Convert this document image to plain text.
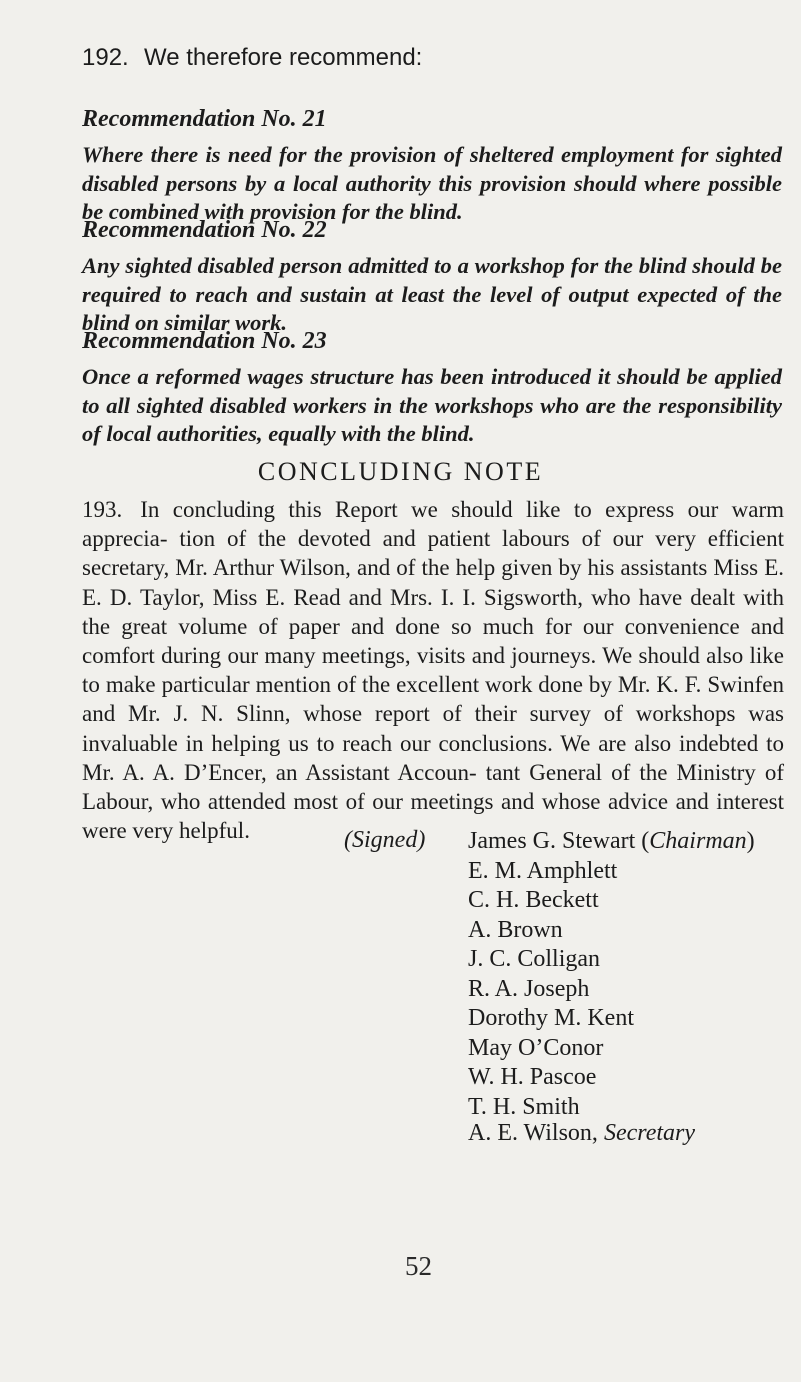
192. We therefore recommend:

Recommendation No. 21

Where there is need for the provision of sheltered employment for sighted disabled persons by a local authority this provision should where possible be combined with provision for the blind.

Recommendation No. 22

Any sighted disabled person admitted to a workshop for the blind should be required to reach and sustain at least the level of output expected of the blind on similar work.

Recommendation No. 23

Once a reformed wages structure has been introduced it should be applied to all sighted disabled workers in the workshops who are the responsibility of local authorities, equally with the blind.

CONCLUDING NOTE

193. In concluding this Report we should like to express our warm apprecia- tion of the devoted and patient labours of our very efficient secretary, Mr. Arthur Wilson, and of the help given by his assistants Miss E. E. D. Taylor, Miss E. Read and Mrs. I. I. Sigsworth, who have dealt with the great volume of paper and done so much for our convenience and comfort during our many meetings, visits and journeys. We should also like to make particular mention of the excellent work done by Mr. K. F. Swinfen and Mr. J. N. Slinn, whose report of their survey of workshops was invaluable in helping us to reach our conclusions. We are also indebted to Mr. A. A. D’Encer, an Assistant Accoun- tant General of the Ministry of Labour, who attended most of our meetings and whose advice and interest were very helpful.	(Signed) James G. Stewart (Chairman)
E. M. Amphlett
C. H. Beckett
A. Brown
J. C. Colligan
R. A. Joseph
Dorothy M. Kent
May O’Conor
W. H. Pascoe
T. H. Smith
A. E. Wilson, Secretary
52
